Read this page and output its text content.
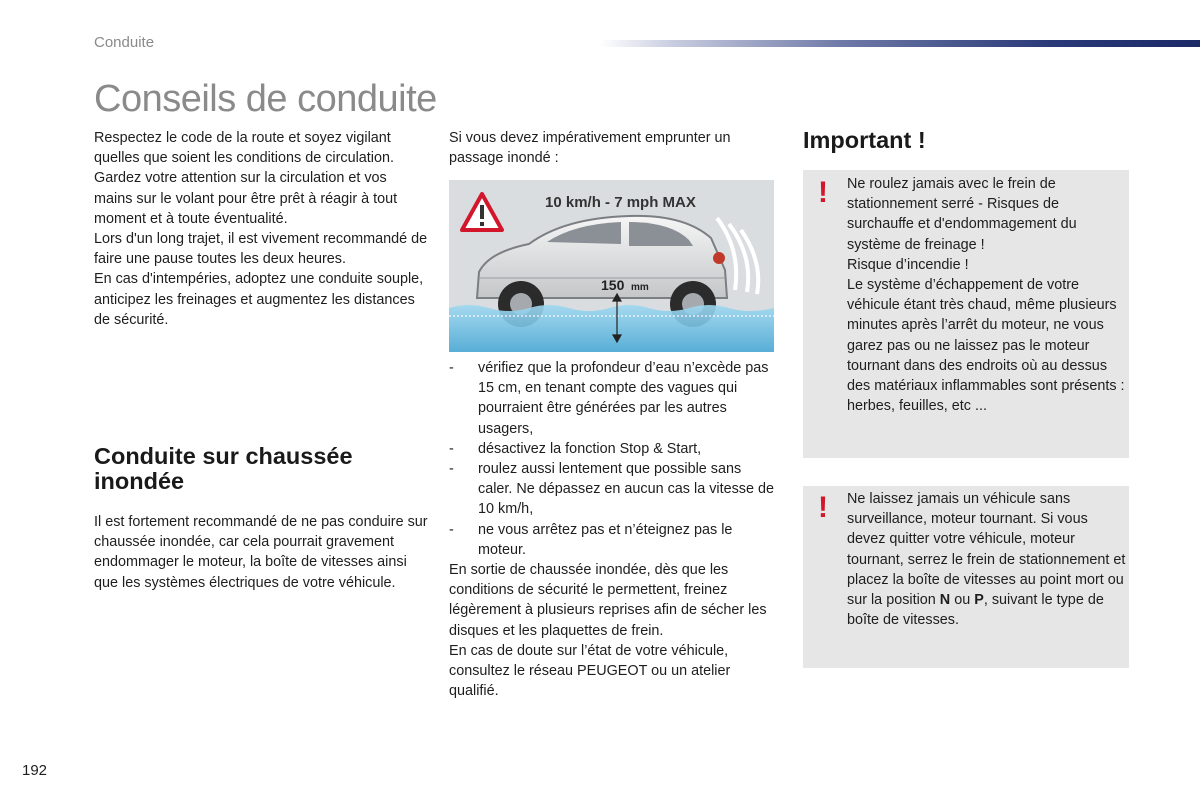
Conduite
Conseils de conduite

Respectez le code de la route et soyez vigilant quelles que soient les conditions de circulation.

Gardez votre attention sur la circulation et vos mains sur le volant pour être prêt à réagir à tout moment et à toute éventualité.

Lors d'un long trajet, il est vivement recommandé de faire une pause toutes les deux heures.

En cas d'intempéries, adoptez une conduite souple, anticipez les freinages et augmentez les distances de sécurité.

Conduite sur chaussée inondée

Il est fortement recommandé de ne pas conduire sur chaussée inondée, car cela pourrait gravement endommager le moteur, la boîte de vitesses ainsi que les systèmes électriques de votre véhicule.

Si vous devez impérativement emprunter un passage inondé :

10 km/h - 7 mph MAX
150 mm
- vérifiez que la profondeur d’eau n’excède pas 15 cm, en tenant compte des vagues qui pourraient être générées par les autres usagers,
- désactivez la fonction Stop & Start,
- roulez aussi lentement que possible sans caler. Ne dépassez en aucun cas la vitesse de 10 km/h,
- ne vous arrêtez pas et n’éteignez pas le moteur.

En sortie de chaussée inondée, dès que les conditions de sécurité le permettent, freinez légèrement à plusieurs reprises afin de sécher les disques et les plaquettes de frein.

En cas de doute sur l’état de votre véhicule, consultez le réseau PEUGEOT ou un atelier qualifié.

Important !
! Ne roulez jamais avec le frein de stationnement serré - Risques de surchauffe et d'endommagement du système de freinage !
Risque d’incendie !
Le système d’échappement de votre véhicule étant très chaud, même plusieurs minutes après l’arrêt du moteur, ne vous garez pas ou ne laissez pas le moteur tournant dans des endroits où au dessus des matériaux inflammables sont présents : herbes, feuilles, etc ...
! Ne laissez jamais un véhicule sans surveillance, moteur tournant. Si vous devez quitter votre véhicule, moteur tournant, serrez le frein de stationnement et placez la boîte de vitesses au point mort ou sur la position N ou P, suivant le type de boîte de vitesses.
192
